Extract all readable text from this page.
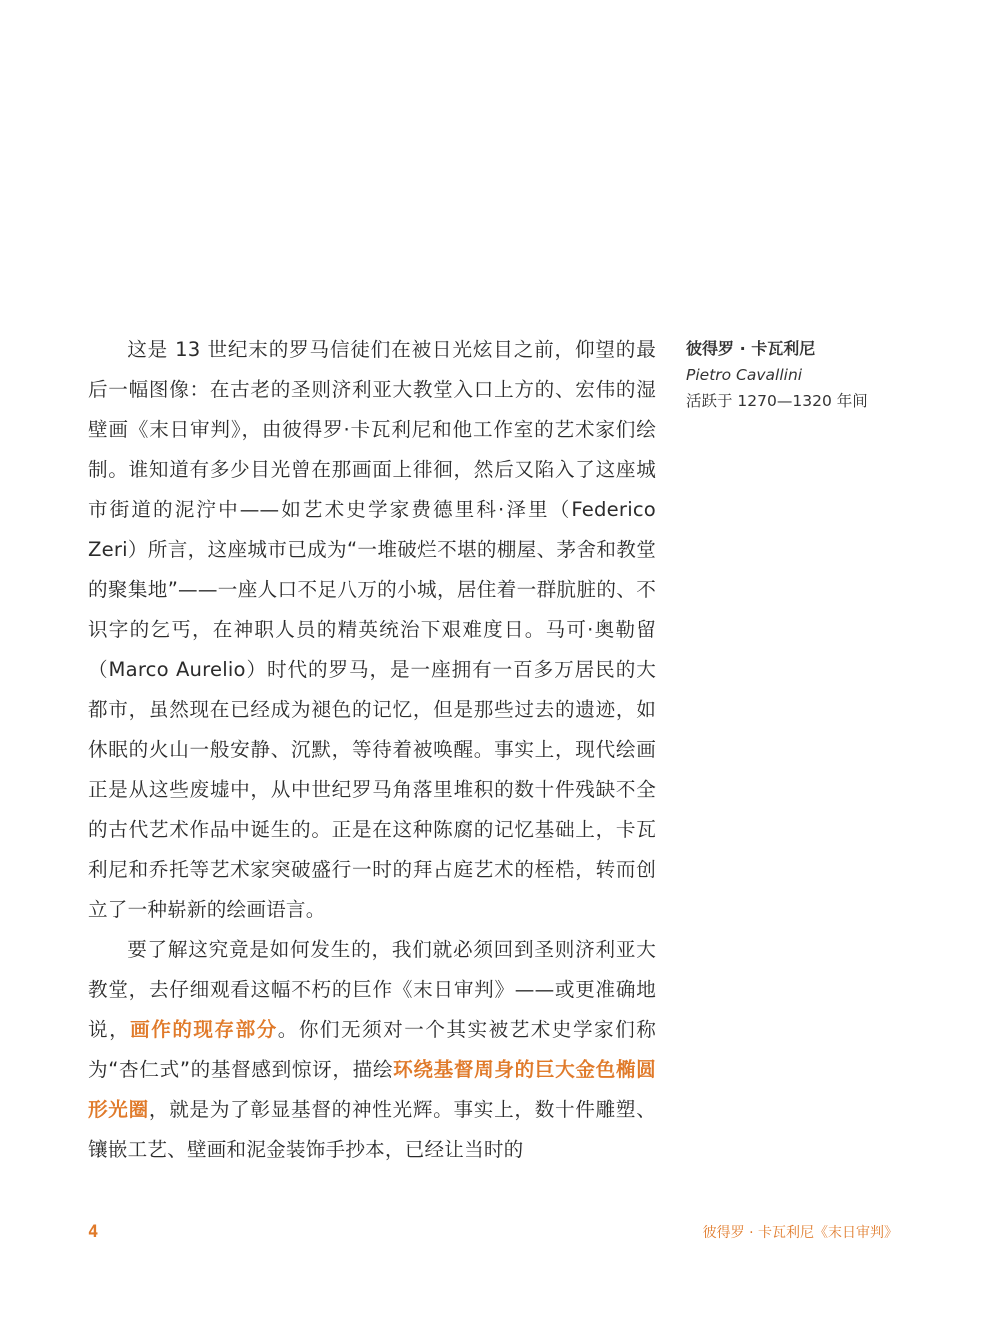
这是 13 世纪末的罗马信徒们在被日光炫目之前，仰望的最后一幅图像：在古老的圣则济利亚大教堂入口上方的、宏伟的湿壁画《末日审判》，由彼得罗·卡瓦利尼和他工作室的艺术家们绘制。谁知道有多少目光曾在那画面上徘徊，然后又陷入了这座城市街道的泥泞中——如艺术史学家费德里科·泽里（Federico Zeri）所言，这座城市已成为“一堆破烂不堪的棚屋、茅舍和教堂的聚集地”——一座人口不足八万的小城，居住着一群肮脏的、不识字的乞丐，在神职人员的精英统治下艰难度日。马可·奥勒留（Marco Aurelio）时代的罗马，是一座拥有一百多万居民的大都市，虽然现在已经成为褪色的记忆，但是那些过去的遗迹，如休眠的火山一般安静、沉默，等待着被唤醒。事实上，现代绘画正是从这些废墟中，从中世纪罗马角落里堆积的数十件残缺不全的古代艺术作品中诞生的。正是在这种陈腐的记忆基础上，卡瓦利尼和乔托等艺术家突破盛行一时的拜占庭艺术的桎梏，转而创立了一种崭新的绘画语言。

要了解这究竟是如何发生的，我们就必须回到圣则济利亚大教堂，去仔细观看这幅不朽的巨作《末日审判》——或更准确地说，画作的现存部分。你们无须对一个其实被艺术史学家们称为“杏仁式”的基督感到惊讶，描绘环绕基督周身的巨大金色椭圆形光圈，就是为了彰显基督的神性光辉。事实上，数十件雕塑、镶嵌工艺、壁画和泥金装饰手抄本，已经让当时的

彼得罗 · 卡瓦利尼
Pietro Cavallini
活跃于 1270—1320 年间
4	彼得罗 · 卡瓦利尼《末日审判》
